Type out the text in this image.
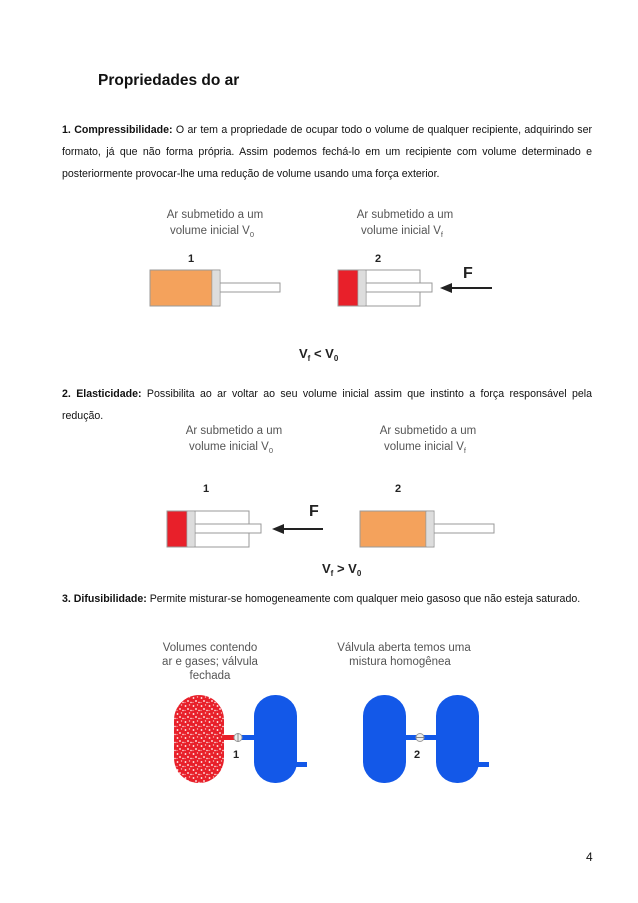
Propriedades do ar
1. Compressibilidade: O ar tem a propriedade de ocupar todo o volume de qualquer recipiente, adquirindo ser formato, já que não forma própria. Assim podemos fechá-lo em um recipiente com volume determinado e posteriormente provocar-lhe uma redução de volume usando uma força exterior.
2. Elasticidade: Possibilita ao ar voltar ao seu volume inicial assim que instinto a força responsável pela redução.
3. Difusibilidade: Permite misturar-se homogeneamente com qualquer meio gasoso que não esteja saturado.
Ar submetido a um
volume inicial $V_0$
Ar submetido a um
volume inicial $V_f$
1	2
F
$V_f < V_0$
Ar submetido a um
volume inicial $V_0$
Ar submetido a um
volume inicial $V_f$
1	2
F
$V_f > V_0$
Volumes contendo
ar e gases; válvula
fechada
Válvula aberta temos uma
mistura homogênea
1	2
4
